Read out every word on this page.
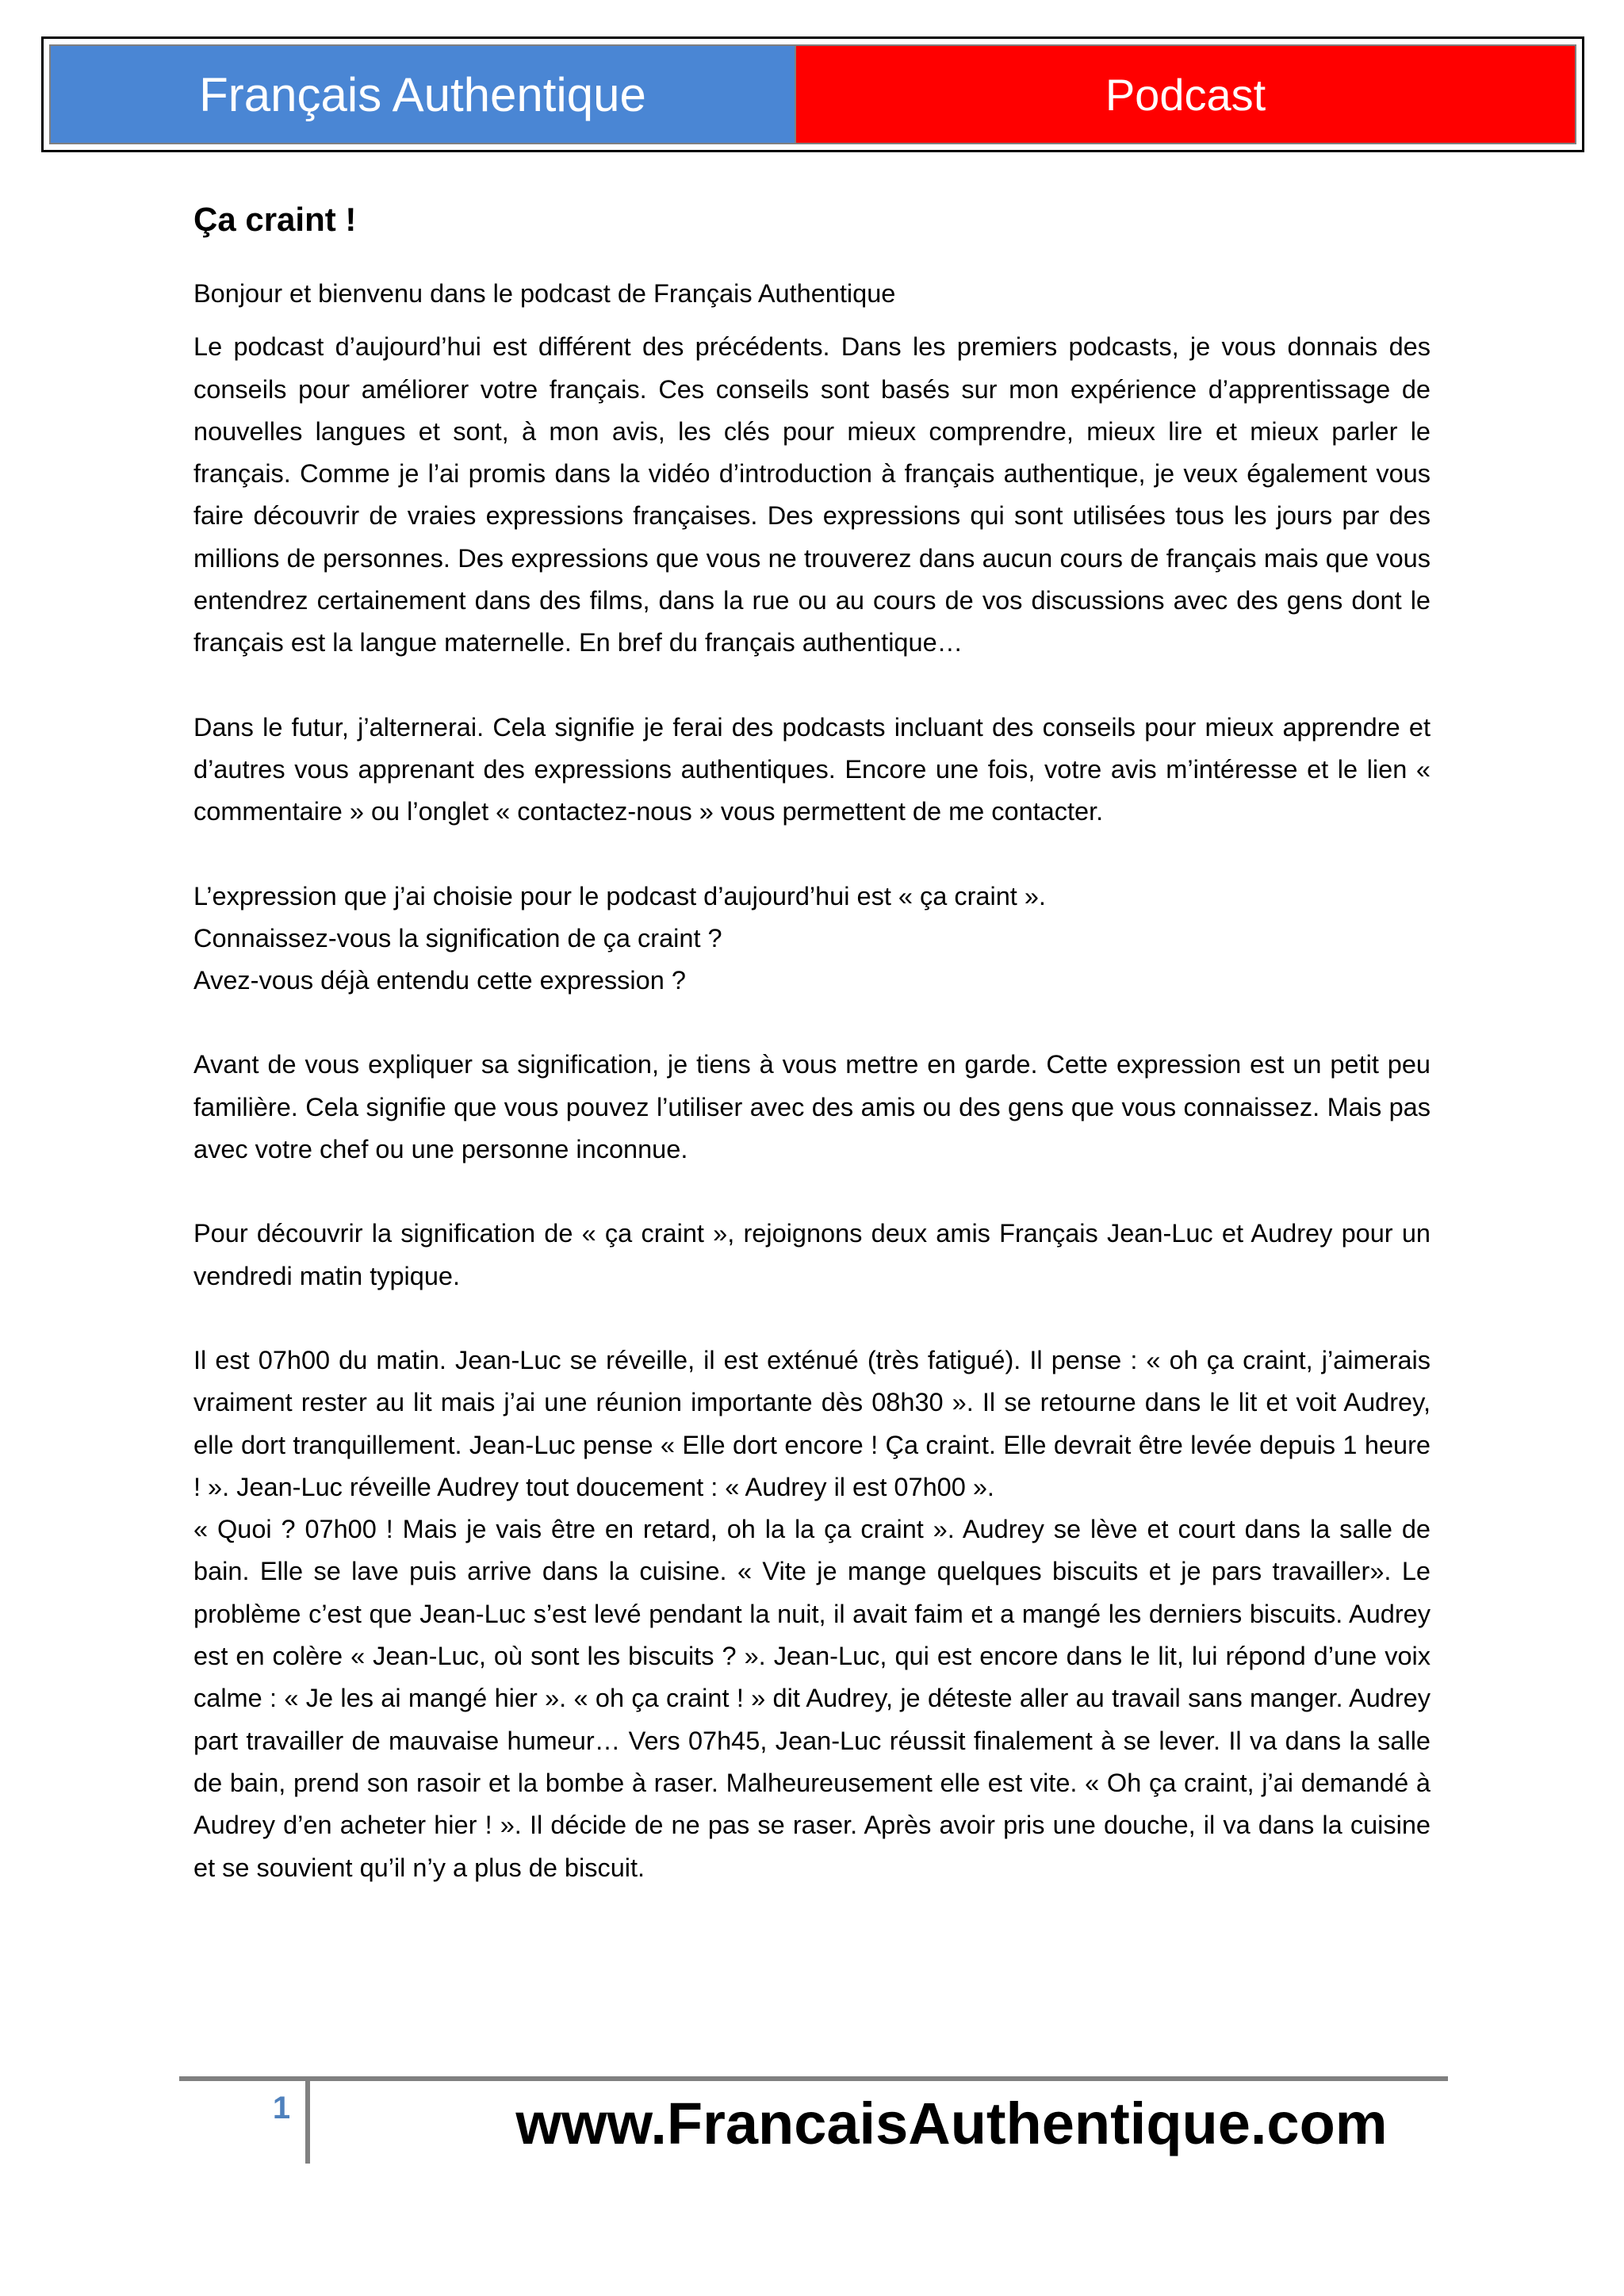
Français Authentique	Podcast
Ça craint !

Bonjour et bienvenu dans le podcast de Français Authentique

Le podcast d’aujourd’hui est différent des précédents. Dans les premiers podcasts, je vous donnais des conseils pour améliorer votre français. Ces conseils sont basés sur mon expérience d’apprentissage de nouvelles langues et sont, à mon avis, les clés pour mieux comprendre, mieux lire et mieux parler le français. Comme je l’ai promis dans la vidéo d’introduction à français authentique, je veux également vous faire découvrir de vraies expressions françaises. Des expressions qui sont utilisées tous les jours par des millions de personnes. Des expressions que vous ne trouverez dans aucun cours de français mais que vous entendrez certainement dans des films, dans la rue ou au cours de vos discussions avec des gens dont le français est la langue maternelle. En bref du français authentique…

Dans le futur, j’alternerai. Cela signifie je ferai des podcasts incluant des conseils pour mieux apprendre et d’autres vous apprenant des expressions authentiques. Encore une fois, votre avis m’intéresse et le lien « commentaire » ou l’onglet « contactez-nous » vous permettent de me contacter.

L’expression que j’ai choisie pour le podcast d’aujourd’hui est « ça craint ».

Connaissez-vous la signification de ça craint ?

Avez-vous déjà entendu cette expression ?

Avant de vous expliquer sa signification, je tiens à vous mettre en garde. Cette expression est un petit peu familière. Cela signifie que vous pouvez l’utiliser avec des amis ou des gens que vous connaissez. Mais pas avec votre chef ou une personne inconnue.

Pour découvrir la signification de « ça craint », rejoignons deux amis Français Jean-Luc et Audrey pour un vendredi matin typique.

Il est 07h00 du matin. Jean-Luc se réveille, il est exténué (très fatigué). Il pense : « oh ça craint, j’aimerais vraiment rester au lit mais j’ai une réunion importante dès 08h30 ». Il se retourne dans le lit et voit Audrey, elle dort tranquillement. Jean-Luc pense « Elle dort encore ! Ça craint. Elle devrait être levée depuis 1 heure ! ». Jean-Luc réveille Audrey tout doucement : « Audrey il est 07h00 ».

« Quoi ? 07h00 ! Mais je vais être en retard, oh la la ça craint ». Audrey se lève et court dans la salle de bain. Elle se lave puis arrive dans la cuisine. « Vite je mange quelques biscuits et je pars travailler». Le problème c’est que Jean-Luc s’est levé pendant la nuit, il avait faim et a mangé les derniers biscuits. Audrey est en colère « Jean-Luc, où sont les biscuits ? ». Jean-Luc, qui est encore dans le lit, lui répond d’une voix calme : « Je les ai mangé hier ». « oh ça craint ! » dit Audrey, je déteste aller au travail sans manger. Audrey part travailler de mauvaise humeur… Vers 07h45, Jean-Luc réussit finalement à se lever. Il va dans la salle de bain, prend son rasoir et la bombe à raser. Malheureusement elle est vite. « Oh ça craint, j’ai demandé à Audrey d’en acheter hier ! ». Il décide de ne pas se raser. Après avoir pris une douche, il va dans la cuisine et se souvient qu’il n’y a plus de biscuit.

1	www.FrancaisAuthentique.com
